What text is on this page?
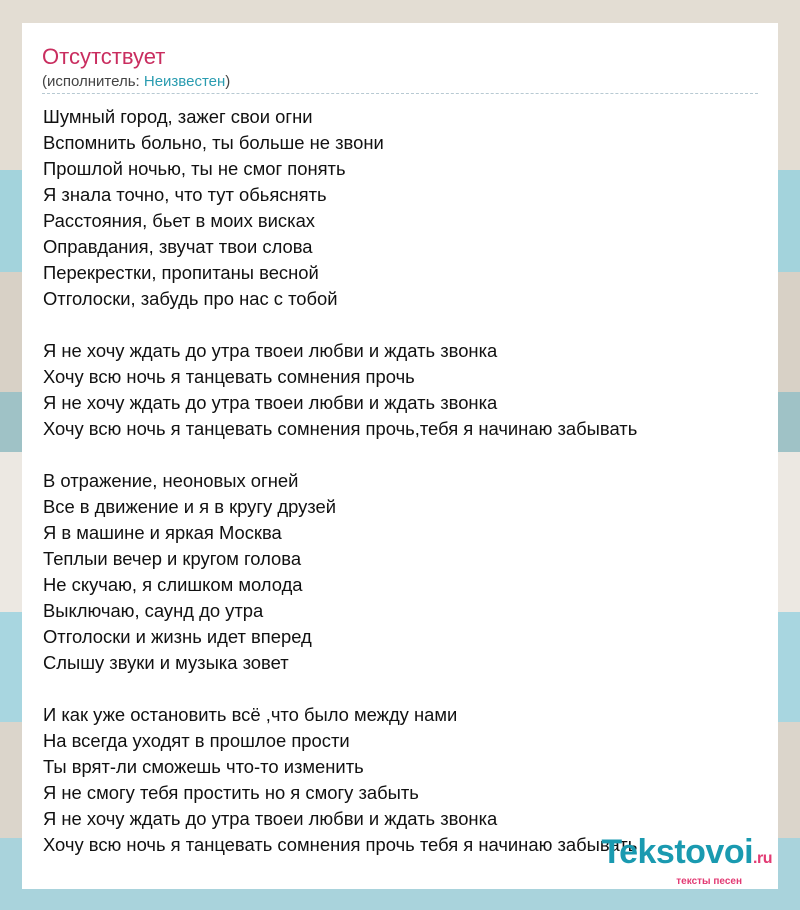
Отсутствует
(исполнитель: Неизвестен)
Шумный город, зажег свои огни
Вспомнить больно, ты больше не звони
Прошлой ночью, ты не смог понять
Я знала точно, что тут обьяснять
Расстояния, бьет в моих висках
Оправдания, звучат твои слова
Перекрестки, пропитаны весной
Отголоски, забудь про нас с тобой
Я не хочу ждать до утра твоеи любви и ждать звонка
Хочу всю ночь я танцевать сомнения прочь
Я не хочу ждать до утра твоеи любви и ждать звонка
Хочу всю ночь я танцевать сомнения прочь,тебя я начинаю забывать
В отражение, неоновых огней
Все в движение и я в кругу друзей
Я в машине и яркая Москва
Теплыи вечер и кругом голова
Не скучаю, я слишком молода
Выключаю, саунд до утра
Отголоски и жизнь идет вперед
Слышу звуки и музыка зовет
И как уже остановить всё ,что было между нами
На всегда уходят в прошлое прости
Ты врят-ли сможешь что-то изменить
Я не смогу тебя простить но я смогу забыть
Я не хочу ждать до утра твоеи любви и ждать звонка
Хочу всю ночь я танцевать сомнения прочь тебя я начинаю забывать
Tekstovoi.ru
тексты песен
